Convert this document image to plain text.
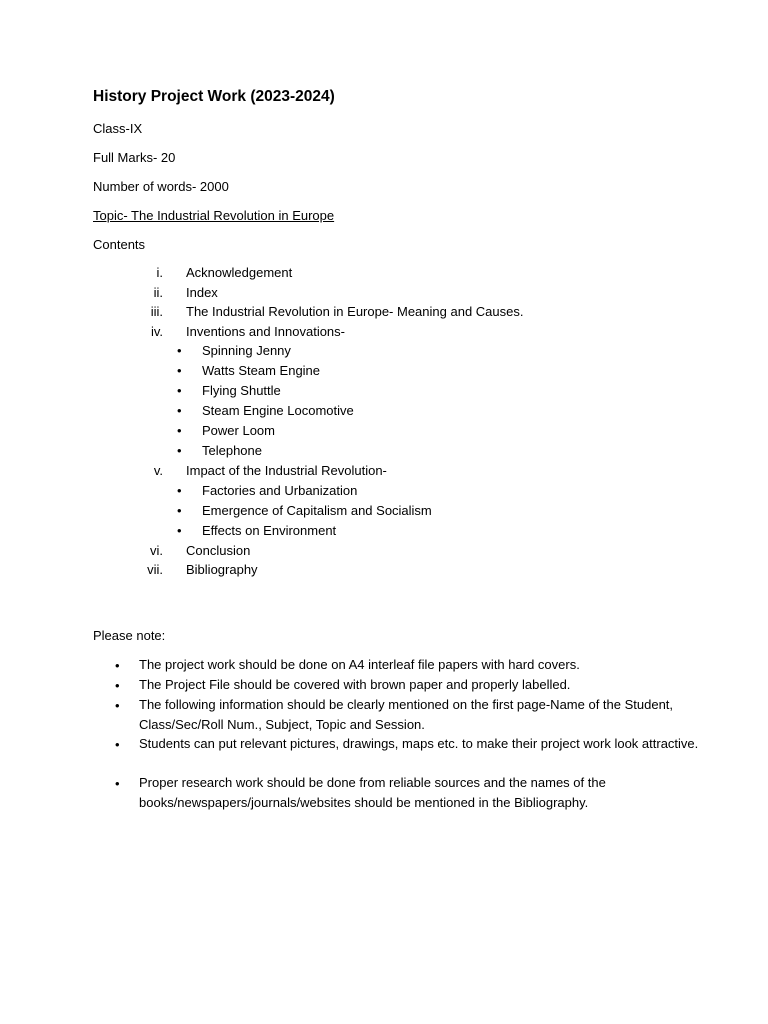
History Project Work (2023-2024)
Class-IX
Full Marks- 20
Number of words- 2000
Topic- The Industrial Revolution in Europe
Contents
i. Acknowledgement
ii. Index
iii. The Industrial Revolution in Europe- Meaning and Causes.
iv. Inventions and Innovations-
• Spinning Jenny
• Watts Steam Engine
• Flying Shuttle
• Steam Engine Locomotive
• Power Loom
• Telephone
v. Impact of the Industrial Revolution-
• Factories and Urbanization
• Emergence of Capitalism and Socialism
• Effects on Environment
vi. Conclusion
vii. Bibliography
Please note:
• The project work should be done on A4 interleaf file papers with hard covers.
• The Project File should be covered with brown paper and properly labelled.
• The following information should be clearly mentioned on the first page-Name of the Student, Class/Sec/Roll Num., Subject, Topic and Session.
• Students can put relevant pictures, drawings, maps etc. to make their project work look attractive.
• Proper research work should be done from reliable sources and the names of the books/newspapers/journals/websites should be mentioned in the Bibliography.
